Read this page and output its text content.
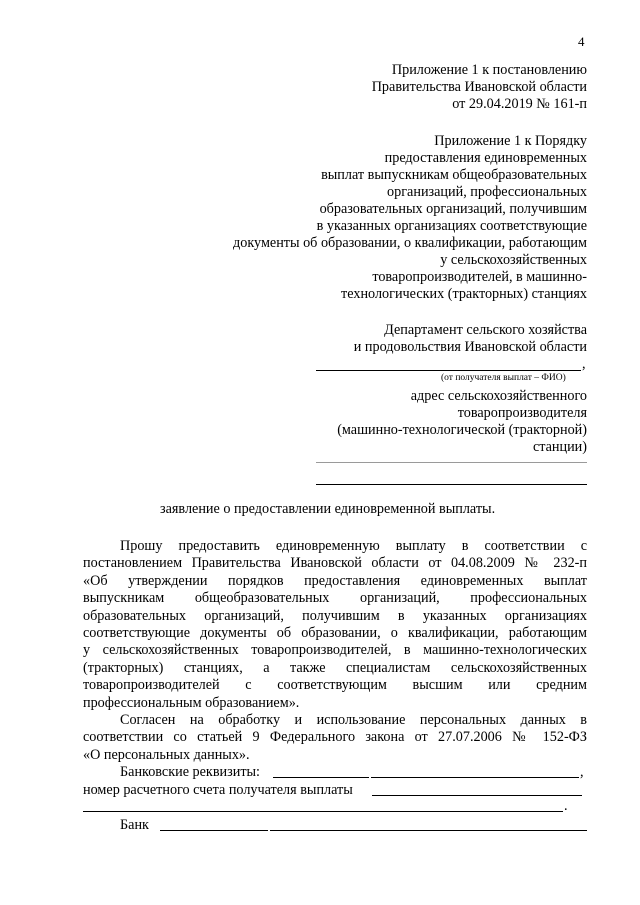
4
Приложение 1 к постановлению
Правительства Ивановской области
от 29.04.2019 № 161-п
Приложение 1 к Порядку
предоставления единовременных
выплат выпускникам общеобразовательных
организаций, профессиональных
образовательных организаций, получившим
в указанных организациях соответствующие
документы об образовании, о квалификации, работающим
у сельскохозяйственных
товаропроизводителей, в машинно-
технологических (тракторных) станциях
Департамент сельского хозяйства
и продовольствия Ивановской области
,
(от получателя выплат – ФИО)
адрес сельскохозяйственного
товаропроизводителя
(машинно-технологической (тракторной)
станции)
заявление о предоставлении единовременной выплаты.
Прошу предоставить единовременную выплату в соответствии с
постановлением Правительства Ивановской области от 04.08.2009 № 232-п
«Об утверждении порядков предоставления единовременных выплат
выпускникам общеобразовательных организаций, профессиональных
образовательных организаций, получившим в указанных организациях
соответствующие документы об образовании, о квалификации, работающим
у сельскохозяйственных товаропроизводителей, в машинно-технологических
(тракторных) станциях, а также специалистам сельскохозяйственных
товаропроизводителей с соответствующим высшим или средним
профессиональным образованием».
Согласен на обработку и использование персональных данных в
соответствии со статьей 9 Федерального закона от 27.07.2006 № 152-ФЗ
«О персональных данных».
Банковские реквизиты:	,
номер расчетного счета получателя выплаты
.
Банк
